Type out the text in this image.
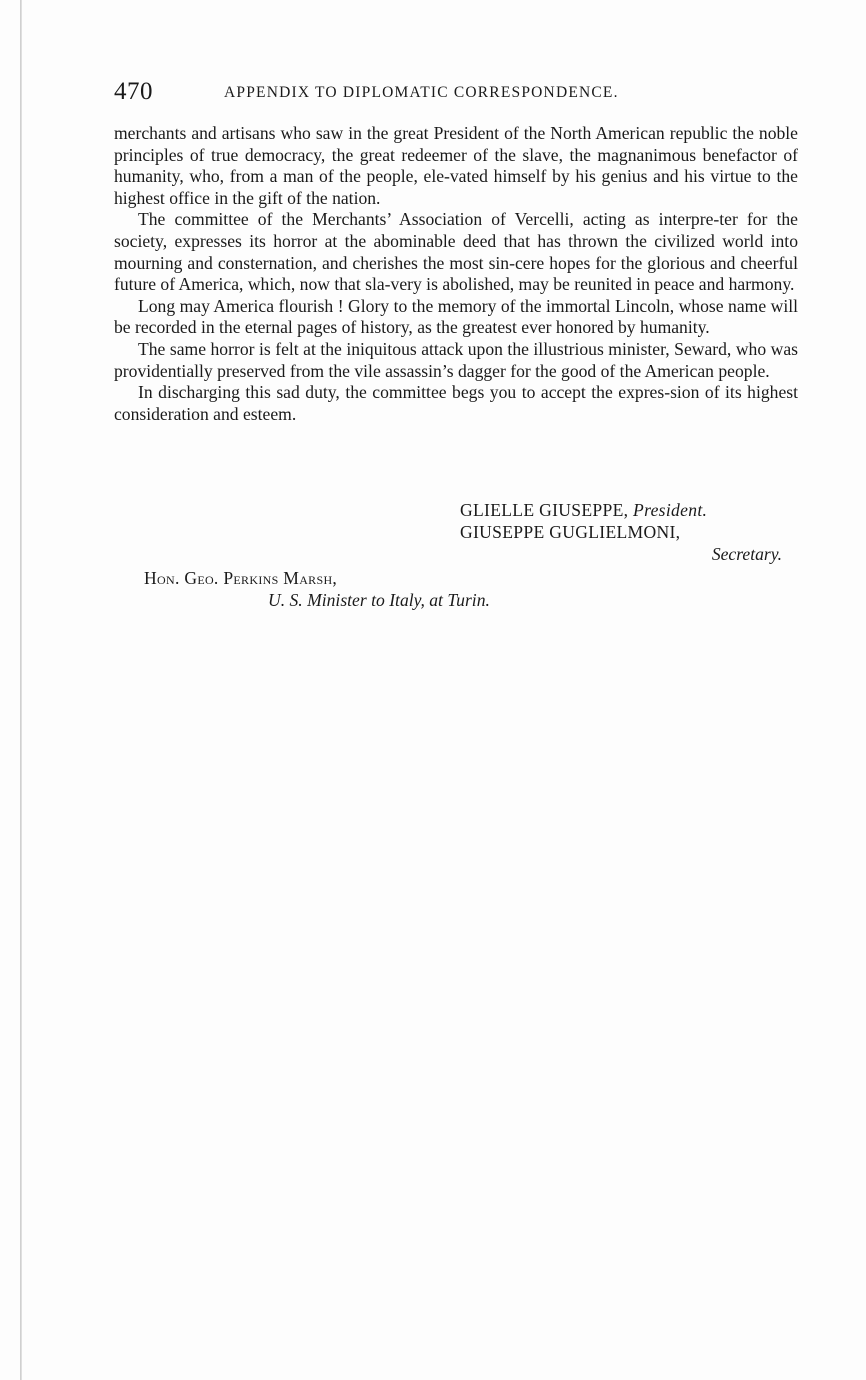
470	APPENDIX TO DIPLOMATIC CORRESPONDENCE.

merchants and artisans who saw in the great President of the North American republic the noble principles of true democracy, the great redeemer of the slave, the magnanimous benefactor of humanity, who, from a man of the people, ele-vated himself by his genius and his virtue to the highest office in the gift of the nation.

The committee of the Merchants’ Association of Vercelli, acting as interpre-ter for the society, expresses its horror at the abominable deed that has thrown the civilized world into mourning and consternation, and cherishes the most sin-cere hopes for the glorious and cheerful future of America, which, now that sla-very is abolished, may be reunited in peace and harmony.

Long may America flourish ! Glory to the memory of the immortal Lincoln, whose name will be recorded in the eternal pages of history, as the greatest ever honored by humanity.

The same horror is felt at the iniquitous attack upon the illustrious minister, Seward, who was providentially preserved from the vile assassin’s dagger for the good of the American people.

In discharging this sad duty, the committee begs you to accept the expres-sion of its highest consideration and esteem.

GLIELLE GIUSEPPE, President.
GIUSEPPE GUGLIELMONI,
Secretary.
Hon. Geo. Perkins Marsh,
U. S. Minister to Italy, at Turin.
